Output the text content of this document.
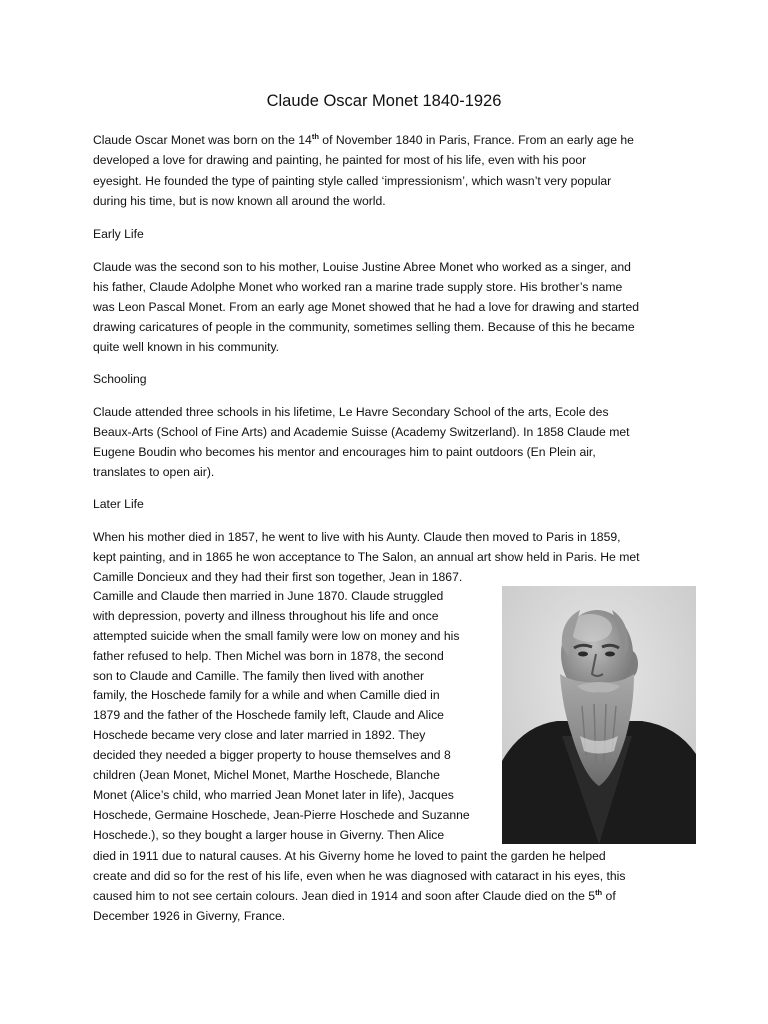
Claude Oscar Monet 1840-1926
Claude Oscar Monet was born on the 14th of November 1840 in Paris, France. From an early age he
developed a love for drawing and painting, he painted for most of his life, even with his poor
eyesight. He founded the type of painting style called ‘impressionism’, which wasn’t very popular
during his time, but is now known all around the world.
Early Life
Claude was the second son to his mother, Louise Justine Abree Monet who worked as a singer, and
his father, Claude Adolphe Monet who worked ran a marine trade supply store. His brother’s name
was Leon Pascal Monet. From an early age Monet showed that he had a love for drawing and started
drawing caricatures of people in the community, sometimes selling them. Because of this he became
quite well known in his community.
Schooling
Claude attended three schools in his lifetime, Le Havre Secondary School of the arts, Ecole des
Beaux-Arts (School of Fine Arts) and Academie Suisse (Academy Switzerland). In 1858 Claude met
Eugene Boudin who becomes his mentor and encourages him to paint outdoors (En Plein air,
translates to open air).
Later Life
When his mother died in 1857, he went to live with his Aunty. Claude then moved to Paris in 1859,
kept painting, and in 1865 he won acceptance to The Salon, an annual art show held in Paris. He met
Camille Doncieux and they had their first son together, Jean in 1867.
Camille and Claude then married in June 1870. Claude struggled
with depression, poverty and illness throughout his life and once
attempted suicide when the small family were low on money and his
father refused to help. Then Michel was born in 1878, the second
son to Claude and Camille. The family then lived with another
family, the Hoschede family for a while and when Camille died in
1879 and the father of the Hoschede family left, Claude and Alice
Hoschede became very close and later married in 1892. They
decided they needed a bigger property to house themselves and 8
children (Jean Monet, Michel Monet, Marthe Hoschede, Blanche
Monet (Alice’s child, who married Jean Monet later in life), Jacques
Hoschede, Germaine Hoschede, Jean-Pierre Hoschede and Suzanne
Hoschede.), so they bought a larger house in Giverny. Then Alice
died in 1911 due to natural causes. At his Giverny home he loved to paint the garden he helped
create and did so for the rest of his life, even when he was diagnosed with cataract in his eyes, this
caused him to not see certain colours. Jean died in 1914 and soon after Claude died on the 5th of
December 1926 in Giverny, France.
